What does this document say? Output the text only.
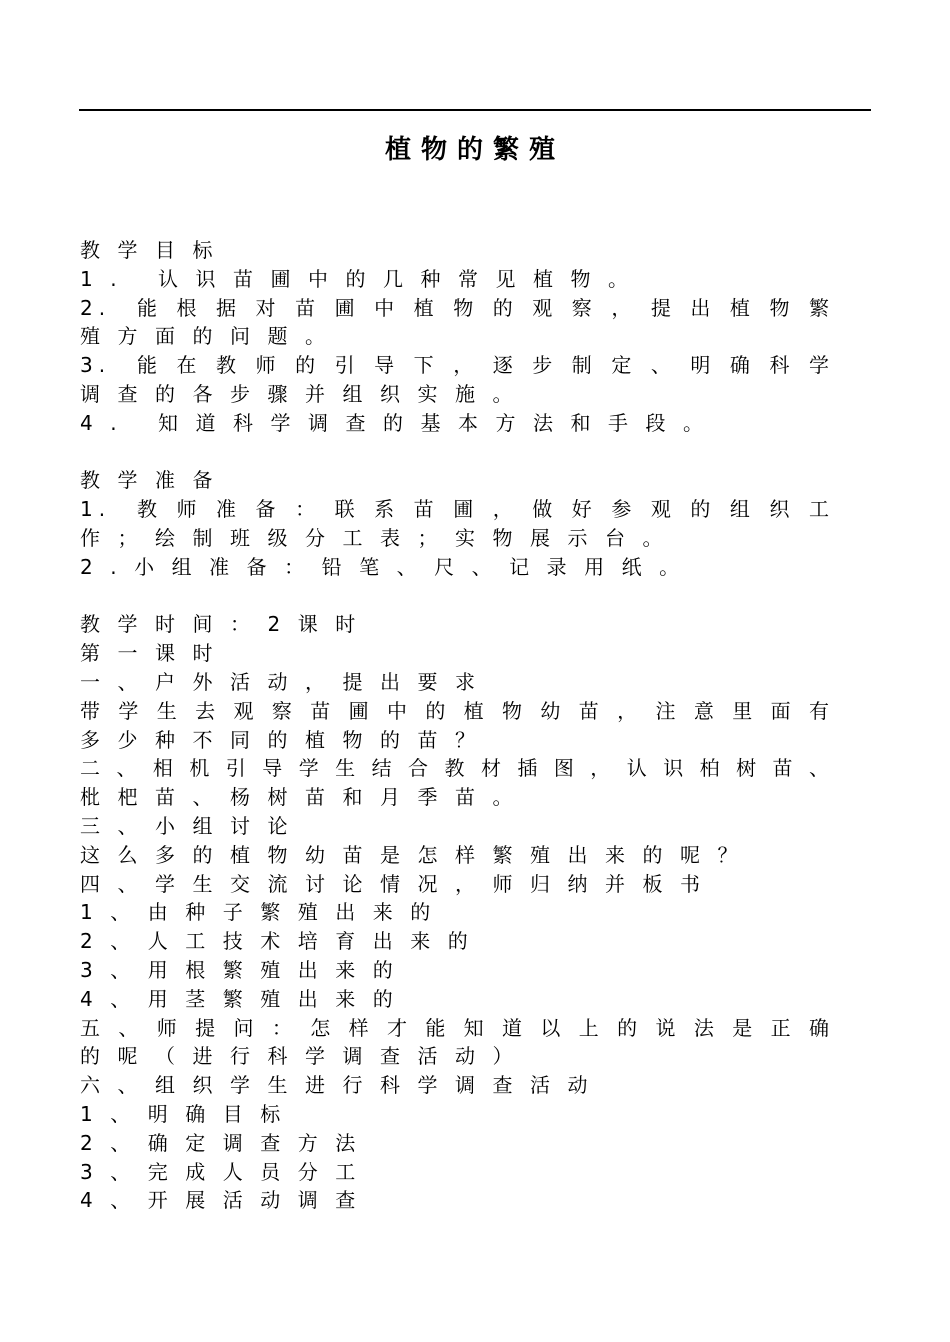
植物的繁殖
教学目标
1. 认识苗圃中的几种常见植物。
2. 能根据对苗圃中植物的观察，提出植物繁
殖方面的问题。
3. 能在教师的引导下，逐步制定、明确科学
调查的各步骤并组织实施。
4. 知道科学调查的基本方法和手段。
教学准备
1. 教师准备：联系苗圃，做好参观的组织工
作；绘制班级分工表；实物展示台。
2.小组准备：铅笔、尺、记录用纸。
教学时间：2课时
第一课时
一、户外活动，提出要求
带学生去观察苗圃中的植物幼苗，注意里面有
多少种不同的植物的苗？
二、相机引导学生结合教材插图，认识柏树苗、
枇杷苗、杨树苗和月季苗。
三、小组讨论
这么多的植物幼苗是怎样繁殖出来的呢？
四、学生交流讨论情况，师归纳并板书
1、由种子繁殖出来的
2、人工技术培育出来的
3、用根繁殖出来的
4、用茎繁殖出来的
五、师提问：怎样才能知道以上的说法是正确
的呢（进行科学调查活动）
六、组织学生进行科学调查活动
1、明确目标
2、确定调查方法
3、完成人员分工
4、开展活动调查
